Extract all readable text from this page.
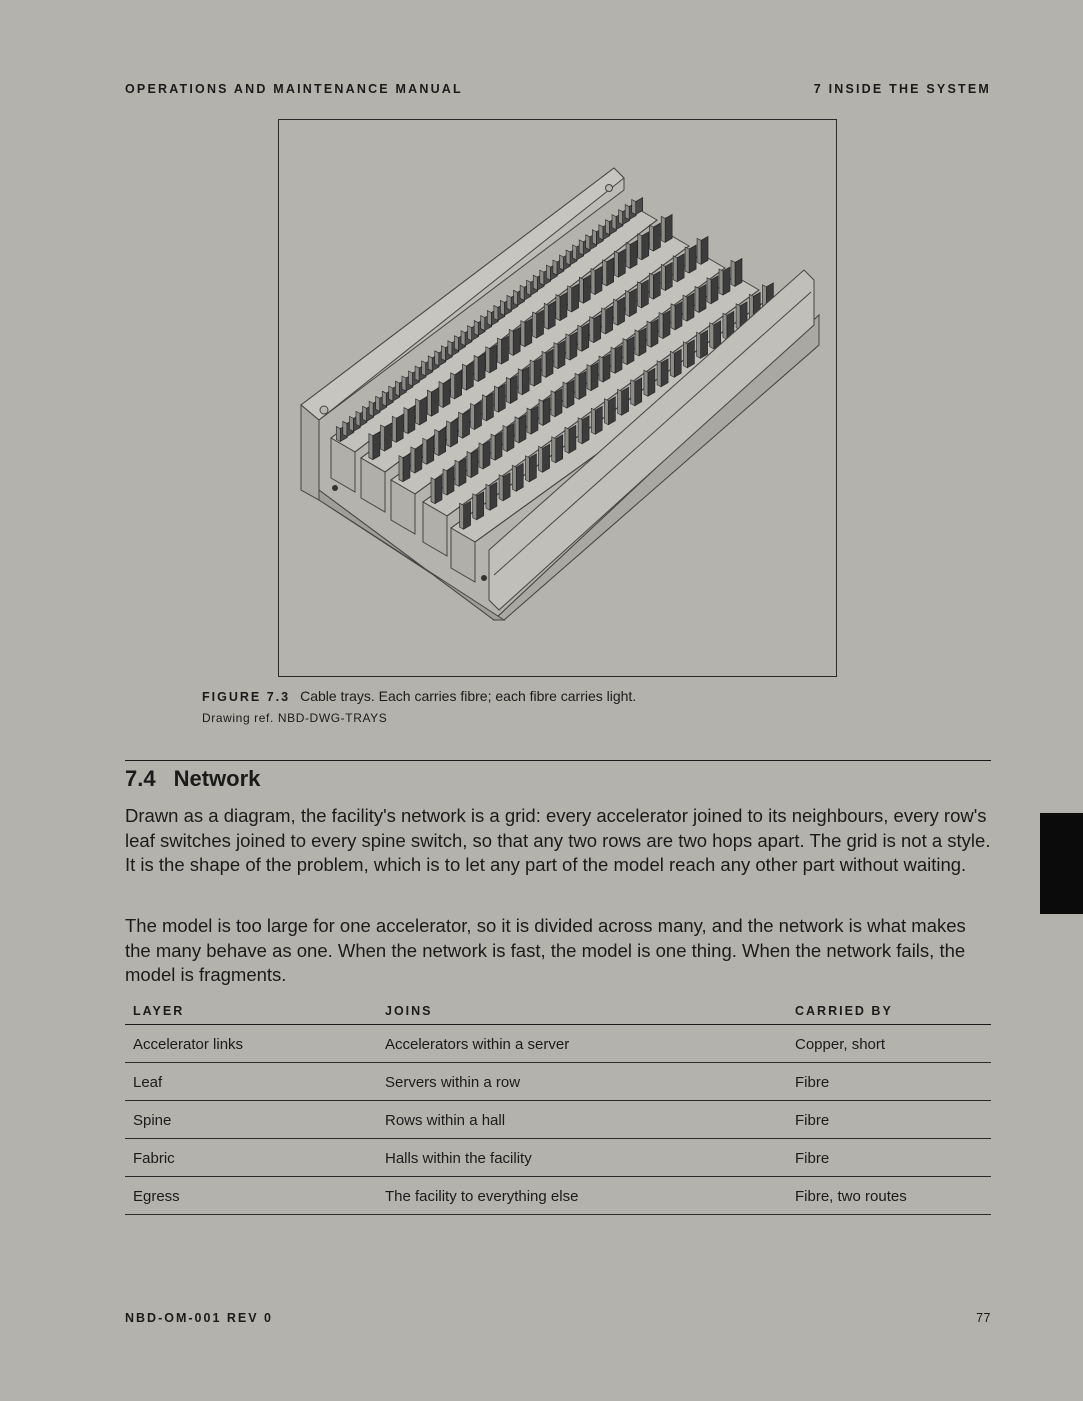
OPERATIONS AND MAINTENANCE MANUAL	7 INSIDE THE SYSTEM
FIGURE 7.3 Cable trays. Each carries fibre; each fibre carries light.
Drawing ref. NBD-DWG-TRAYS
7.4 Network

Drawn as a diagram, the facility's network is a grid: every accelerator joined to its neighbours, every row's leaf switches joined to every spine switch, so that any two rows are two hops apart. The grid is not a style. It is the shape of the problem, which is to let any part of the model reach any other part without waiting.

The model is too large for one accelerator, so it is divided across many, and the network is what makes the many behave as one. When the network is fast, the model is one thing. When the network fails, the model is fragments.

LAYER	JOINS	CARRIED BY
Accelerator links	Accelerators within a server	Copper, short
Leaf	Servers within a row	Fibre
Spine	Rows within a hall	Fibre
Fabric	Halls within the facility	Fibre
Egress	The facility to everything else	Fibre, two routes
NBD-OM-001 REV 0	77
